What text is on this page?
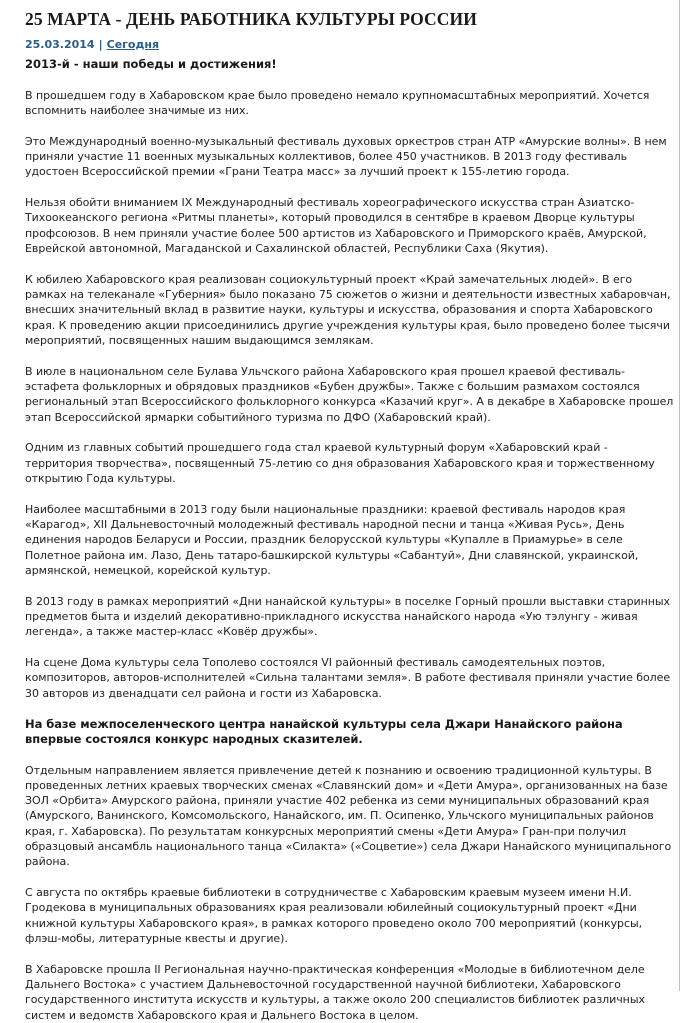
25 МАРТА - ДЕНЬ РАБОТНИКА КУЛЬТУРЫ РОССИИ
25.03.2014 | Сегодня
2013-й - наши победы и достижения!

В прошедшем году в Хабаровском крае было проведено немало крупномасштабных мероприятий. Хочется вспомнить наиболее значимые из них.

Это Международный военно-музыкальный фестиваль духовых оркестров стран АТР «Амурские волны». В нем приняли участие 11 военных музыкальных коллективов, более 450 участников. В 2013 году фестиваль удостоен Всероссийской премии «Грани Театра масс» за лучший проект к 155-летию города.

Нельзя обойти вниманием IX Международный фестиваль хореографического искусства стран Азиатско-Тихоокеанского региона «Ритмы планеты», который проводился в сентябре в краевом Дворце культуры профсоюзов. В нем приняли участие более 500 артистов из Хабаровского и Приморского краёв, Амурской, Еврейской автономной, Магаданской и Сахалинской областей, Республики Саха (Якутия).

К юбилею Хабаровского края реализован социокультурный проект «Край замечательных людей». В его рамках на телеканале «Губерния» было показано 75 сюжетов о жизни и деятельности известных хабаровчан, внесших значительный вклад в развитие науки, культуры и искусства, образования и спорта Хабаровского края. К проведению акции присоединились другие учреждения культуры края, было проведено более тысячи мероприятий, посвященных нашим выдающимся землякам.

В июле в национальном селе Булава Ульчского района Хабаровского края прошел краевой фестиваль-эстафета фольклорных и обрядовых праздников «Бубен дружбы». Также с большим размахом состоялся региональный этап Всероссийского фольклорного конкурса «Казачий круг». А в декабре в Хабаровске прошел этап Всероссийской ярмарки событийного туризма по ДФО (Хабаровский край).

Одним из главных событий прошедшего года стал краевой культурный форум «Хабаровский край - территория творчества», посвященный 75-летию со дня образования Хабаровского края и торжественному открытию Года культуры.

Наиболее масштабными в 2013 году были национальные праздники: краевой фестиваль народов края «Карагод», XII Дальневосточный молодежный фестиваль народной песни и танца «Живая Русь», День единения народов Беларуси и России, праздник белорусской культуры «Купалле в Приамурье» в селе Полетное района им. Лазо, День татаро-башкирской культуры «Сабантуй», Дни славянской, украинской, армянской, немецкой, корейской культур.

В 2013 году в рамках мероприятий «Дни нанайской культуры» в поселке Горный прошли выставки старинных предметов быта и изделий декоративно-прикладного искусства нанайского народа «Ую тэлунгу - живая легенда», а также мастер-класс «Ковёр дружбы».

На сцене Дома культуры села Тополево состоялся VI районный фестиваль самодеятельных поэтов, композиторов, авторов-исполнителей «Сильна талантами земля». В работе фестиваля приняли участие более 30 авторов из двенадцати сел района и гости из Хабаровска.

На базе межпоселенческого центра нанайской культуры села Джари Нанайского района впервые состоялся конкурс народных сказителей.

Отдельным направлением является привлечение детей к познанию и освоению традиционной культуры. В проведенных летних краевых творческих сменах «Славянский дом» и «Дети Амура», организованных на базе ЗОЛ «Орбита» Амурского района, приняли участие 402 ребенка из семи муниципальных образований края (Амурского, Ванинского, Комсомольского, Нанайского, им. П. Осипенко, Ульчского муниципальных районов края, г. Хабаровска). По результатам конкурсных мероприятий смены «Дети Амура» Гран-при получил образцовый ансамбль национального танца «Силакта» («Соцветие») села Джари Нанайского муниципального района.

С августа по октябрь краевые библиотеки в сотрудничестве с Хабаровским краевым музеем имени Н.И. Гродекова в муниципальных образованиях края реализовали юбилейный социокультурный проект «Дни книжной культуры Хабаровского края», в рамках которого проведено около 700 мероприятий (конкурсы, флэш-мобы, литературные квесты и другие).

В Хабаровске прошла II Региональная научно-практическая конференция «Молодые в библиотечном деле Дальнего Востока» с участием Дальневосточной государственной научной библиотеки, Хабаровского государственного института искусств и культуры, а также около 200 специалистов библиотек различных систем и ведомств Хабаровского края и Дальнего Востока в целом.
